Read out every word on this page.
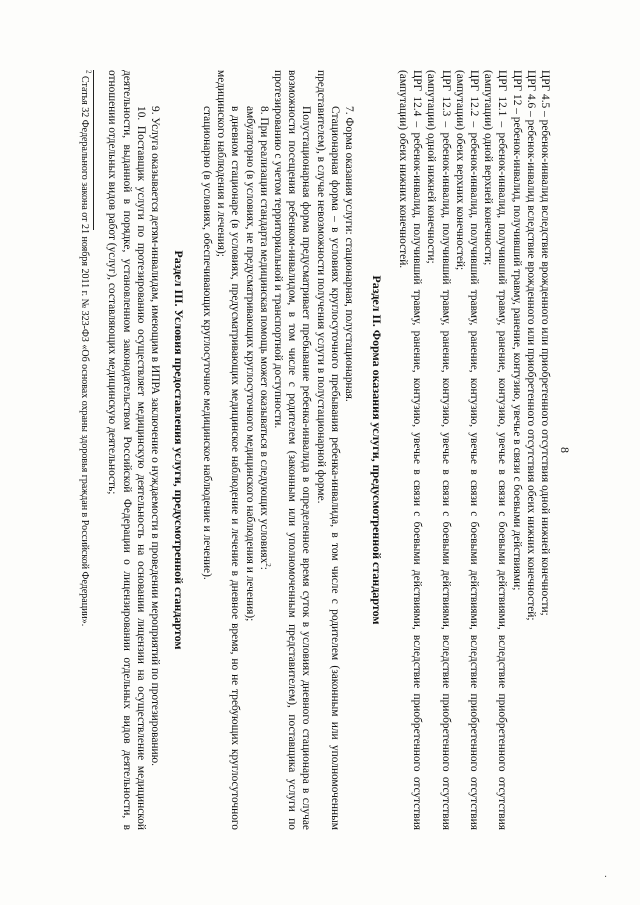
8
ЦРГ 4.5 – ребенок-инвалид вследствие врожденного или приобретенного отсутствия одной нижней конечности;
ЦРГ 4.6 – ребенок-инвалид вследствие врожденного или приобретенного отсутствия обеих нижних конечностей;
ЦРГ 12 – ребенок-инвалид, получивший травму, ранение, контузию, увечье в связи с боевыми действиями;
ЦРГ 12.1 – ребенок-инвалид, получивший травму, ранение, контузию, увечье в связи с боевыми действиями, вследствие приобретенного отсутствия (ампутации) одной верхней конечности;
ЦРГ 12.2 – ребенок-инвалид, получивший травму, ранение, контузию, увечье в связи с боевыми действиями, вследствие приобретенного отсутствия (ампутации) обеих верхних конечностей;
ЦРГ 12.3 – ребенок-инвалид, получивший травму, ранение, контузию, увечье в связи с боевыми действиями, вследствие приобретенного отсутствия (ампутации) одной нижней конечности;
ЦРГ 12.4 – ребенок-инвалид, получивший травму, ранение, контузию, увечье в связи с боевыми действиями, вследствие приобретенного отсутствия (ампутации) обеих нижних конечностей.
Раздел II. Форма оказания услуги, предусмотренной стандартом

7. Форма оказания услуги: стационарная, полустационарная.

Стационарная форма – в условиях круглосуточного пребывания ребенка-инвалида, в том числе с родителем (законным или уполномоченным представителем), в случае невозможности получения услуги в полустационарной форме.

Полустационарная форма предусматривает пребывание ребенка-инвалида в определенное время суток в условиях дневного стационара в случае возможности посещения ребенком-инвалидом, в том числе с родителем (законным или уполномоченным представителем), поставщика услуги по протезированию с учетом территориальной и транспортной доступности.

8. При реализации стандарта медицинская помощь может оказываться в следующих условиях$^2$:

амбулаторно (в условиях, не предусматривающих круглосуточного медицинского наблюдения и лечения);

в дневном стационаре (в условиях, предусматривающих медицинское наблюдение и лечение в дневное время, но не требующих круглосуточного медицинского наблюдения и лечения);

стационарно (в условиях, обеспечивающих круглосуточное медицинское наблюдение и лечение).

Раздел III. Условия предоставления услуги, предусмотренной стандартом

9. Услуга оказывается детям-инвалидам, имеющим в ИПРА заключение о нуждаемости в проведении мероприятий по протезированию.

10. Поставщик услуги по протезированию осуществляет медицинскую деятельность на основании лицензии на осуществление медицинской деятельности, выданной в порядке, установленном законодательством Российской Федерации о лицензировании отдельных видов деятельности, в отношении отдельных видов работ (услуг), составляющих медицинскую деятельность;

$^2$ Статья 32 Федерального закона от 21 ноября 2011 г. № 323-ФЗ «Об основах охраны здоровья граждан в Российской Федерации».
·
